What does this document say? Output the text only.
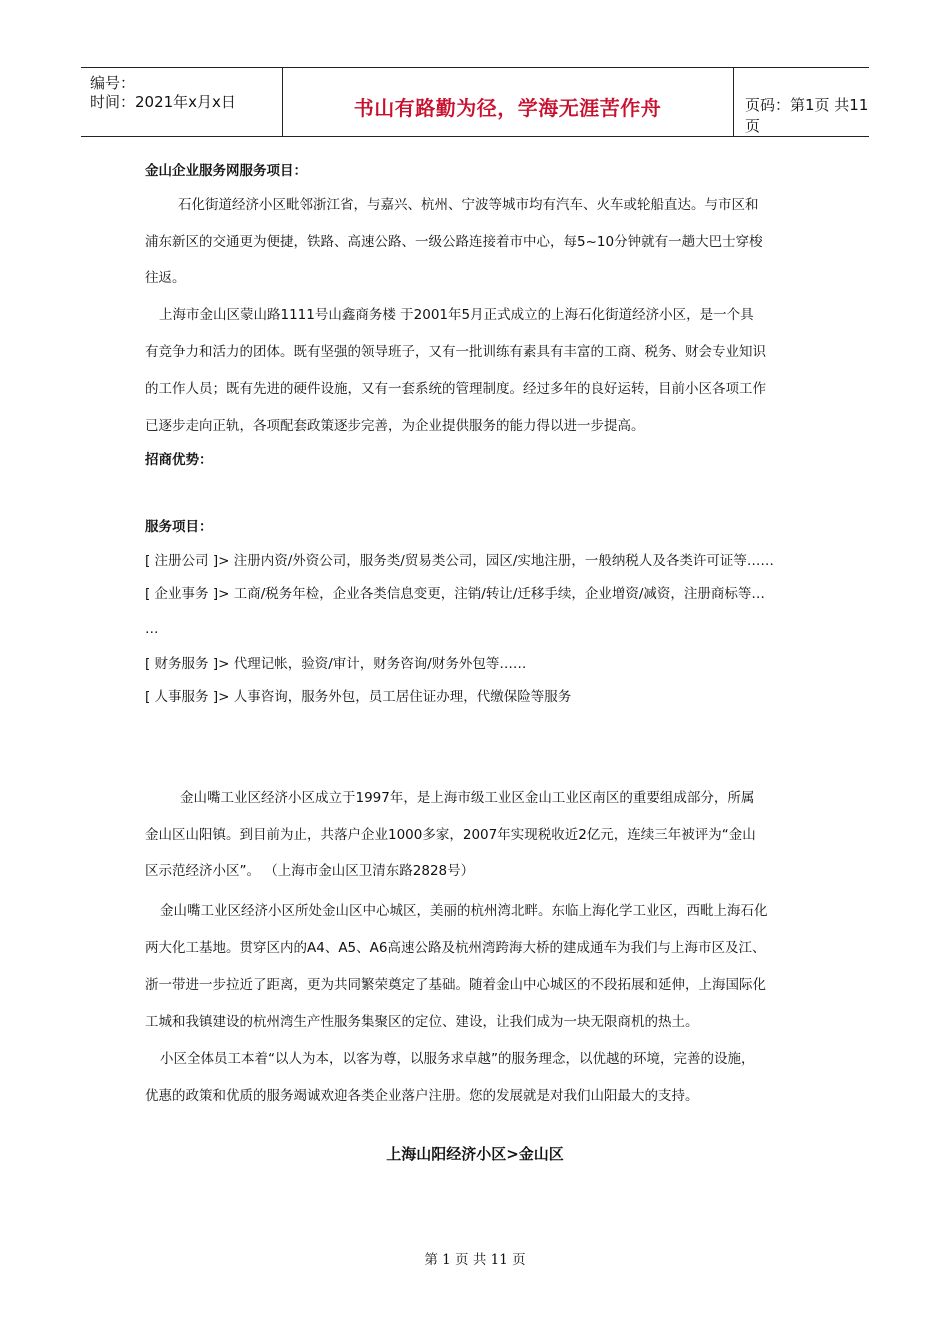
编号：
时间：2021年x月x日	书山有路勤为径，学海无涯苦作舟	页码：第1页 共11页
金山企业服务网服务项目：
石化街道经济小区毗邻浙江省，与嘉兴、杭州、宁波等城市均有汽车、火车或轮船直达。与市区和
浦东新区的交通更为便捷，铁路、高速公路、一级公路连接着市中心，每5~10分钟就有一趟大巴士穿梭
往返。
上海市金山区蒙山路1111号山鑫商务楼 于2001年5月正式成立的上海石化街道经济小区，是一个具
有竞争力和活力的团体。既有坚强的领导班子，又有一批训练有素具有丰富的工商、税务、财会专业知识
的工作人员；既有先进的硬件设施，又有一套系统的管理制度。经过多年的良好运转，目前小区各项工作
已逐步走向正轨，各项配套政策逐步完善，为企业提供服务的能力得以进一步提高。
招商优势：
服务项目：
[ 注册公司 ]> 注册内资/外资公司，服务类/贸易类公司，园区/实地注册，一般纳税人及各类许可证等……
[ 企业事务 ]> 工商/税务年检，企业各类信息变更，注销/转让/迁移手续，企业增资/减资，注册商标等…
…
[ 财务服务 ]> 代理记帐，验资/审计，财务咨询/财务外包等……
[ 人事服务 ]> 人事咨询，服务外包，员工居住证办理，代缴保险等服务
金山嘴工业区经济小区成立于1997年，是上海市级工业区金山工业区南区的重要组成部分，所属
金山区山阳镇。到目前为止，共落户企业1000多家，2007年实现税收近2亿元，连续三年被评为“金山
区示范经济小区”。 （上海市金山区卫清东路2828号）
金山嘴工业区经济小区所处金山区中心城区，美丽的杭州湾北畔。东临上海化学工业区，西毗上海石化
两大化工基地。贯穿区内的A4、A5、A6高速公路及杭州湾跨海大桥的建成通车为我们与上海市区及江、
浙一带进一步拉近了距离，更为共同繁荣奠定了基础。随着金山中心城区的不段拓展和延伸，上海国际化
工城和我镇建设的杭州湾生产性服务集聚区的定位、建设，让我们成为一块无限商机的热土。
小区全体员工本着“以人为本，以客为尊，以服务求卓越”的服务理念，以优越的环境，完善的设施，
优惠的政策和优质的服务竭诚欢迎各类企业落户注册。您的发展就是对我们山阳最大的支持。
上海山阳经济小区>金山区
第 1 页 共 11 页
